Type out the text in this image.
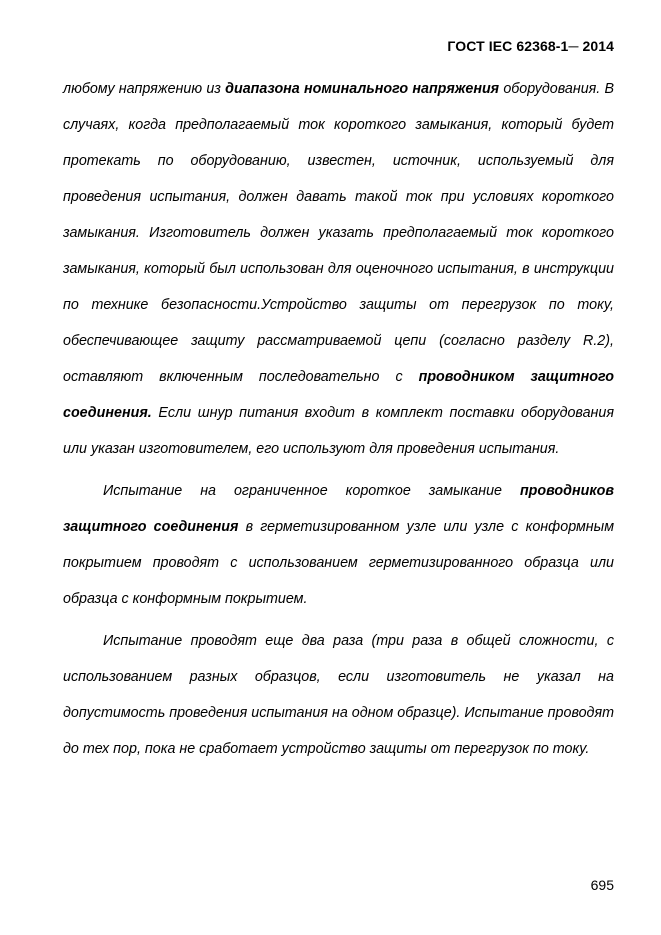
ГОСТ IEC 62368-1─ 2014

любому напряжению из диапазона номинального напряжения оборудования. В случаях, когда предполагаемый ток короткого замыкания, который будет протекать по оборудованию, известен, источник, используемый для проведения испытания, должен давать такой ток при условиях короткого замыкания. Изготовитель должен указать предполагаемый ток короткого замыкания, который был использован для оценочного испытания, в инструкции по технике безопасности.Устройство защиты от перегрузок по току, обеспечивающее защиту рассматриваемой цепи (согласно разделу R.2), оставляют включенным последовательно с проводником защитного соединения. Если шнур питания входит в комплект поставки оборудования или указан изготовителем, его используют для проведения испытания.

Испытание на ограниченное короткое замыкание проводников защитного соединения в герметизированном узле или узле с конформным покрытием проводят с использованием герметизированного образца или образца с конформным покрытием.

Испытание проводят еще два раза (три раза в общей сложности, с использованием разных образцов, если изготовитель не указал на допустимость проведения испытания на одном образце). Испытание проводят до тех пор, пока не сработает устройство защиты от перегрузок по току.

695
